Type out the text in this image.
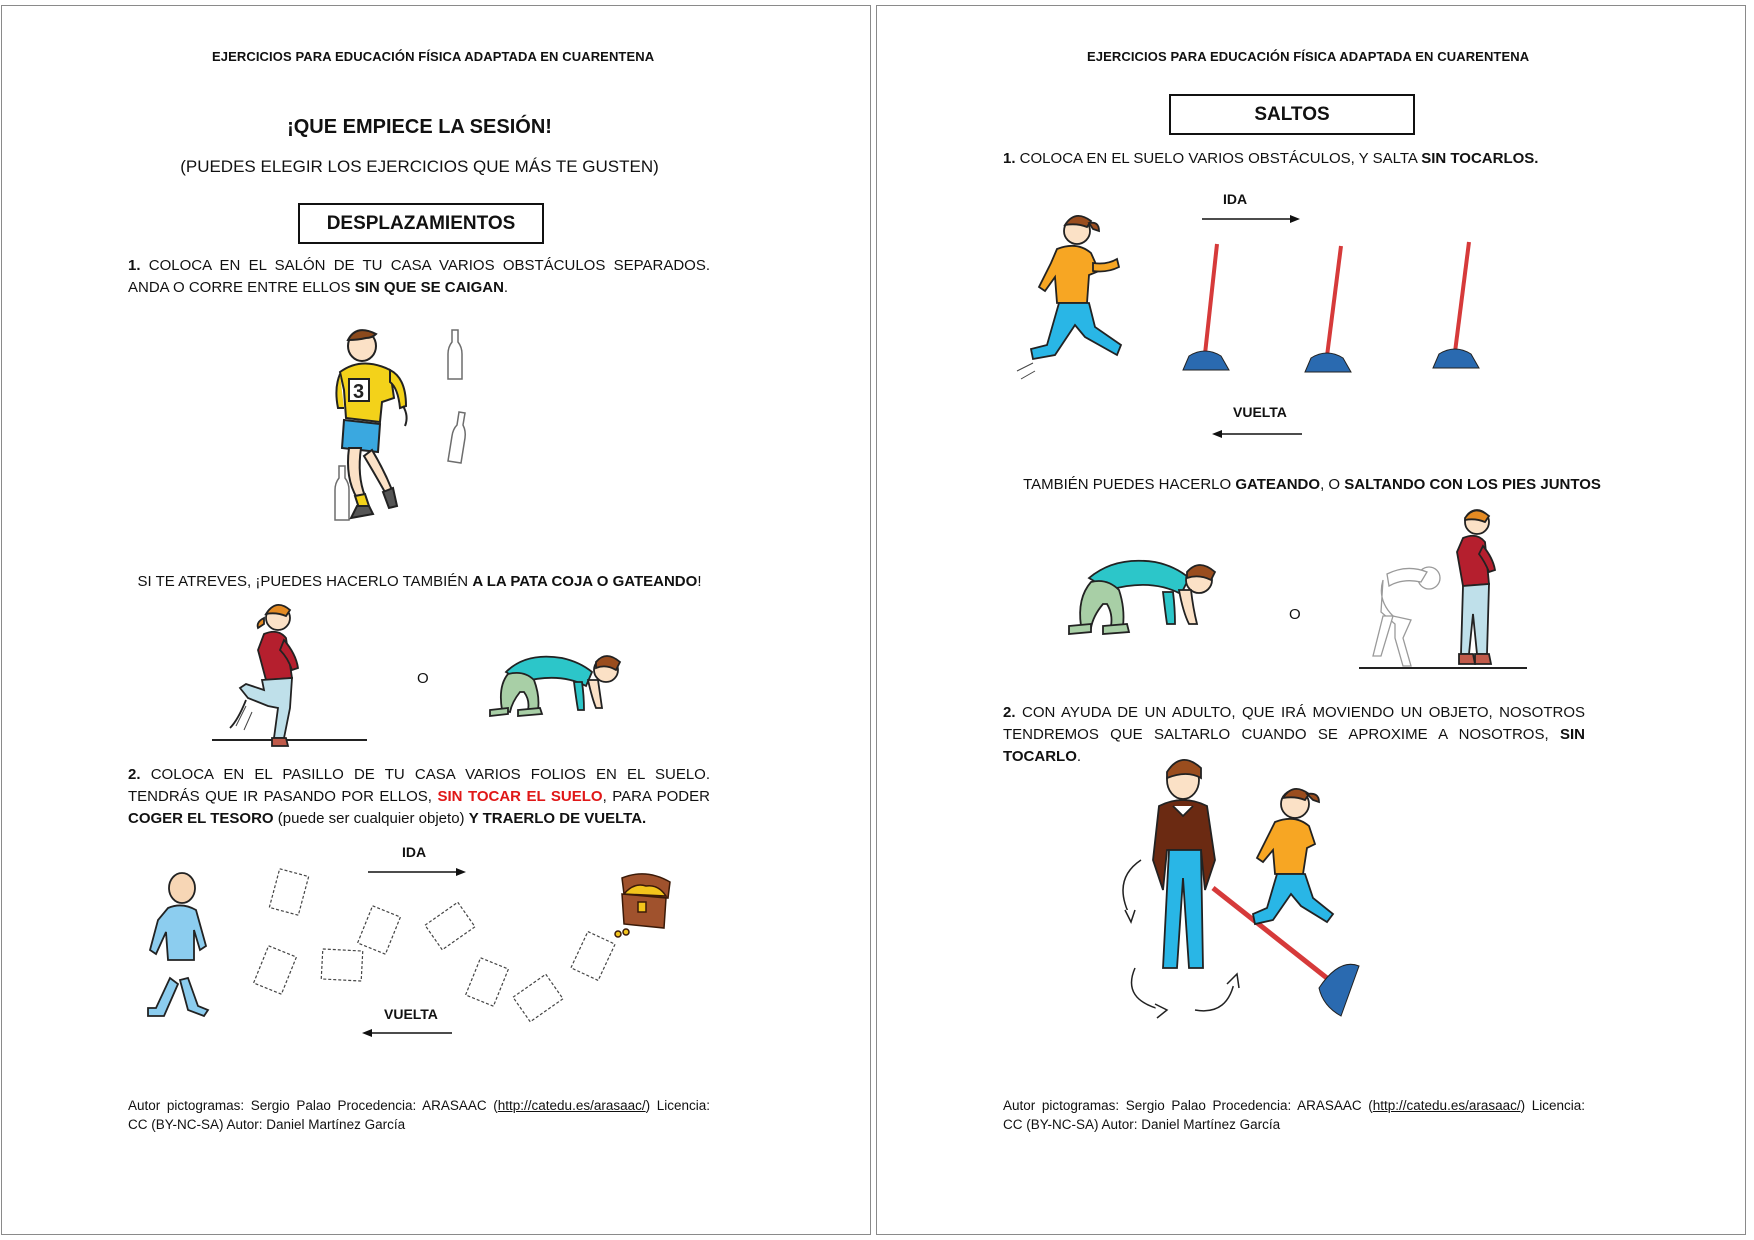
EJERCICIOS PARA EDUCACIÓN FÍSICA ADAPTADA EN CUARENTENA
¡QUE EMPIECE LA SESIÓN!
(PUEDES ELEGIR LOS EJERCICIOS QUE MÁS TE GUSTEN)
DESPLAZAMIENTOS
1. COLOCA EN EL SALÓN DE TU CASA VARIOS OBSTÁCULOS SEPARADOS. ANDA O CORRE ENTRE ELLOS SIN QUE SE CAIGAN.
3
SI TE ATREVES, ¡PUEDES HACERLO TAMBIÉN A LA PATA COJA O GATEANDO!
O
2. COLOCA EN EL PASILLO DE TU CASA VARIOS FOLIOS EN EL SUELO. TENDRÁS QUE IR PASANDO POR ELLOS, SIN TOCAR EL SUELO, PARA PODER COGER EL TESORO (puede ser cualquier objeto) Y TRAERLO DE VUELTA.
IDA
VUELTA
Autor pictogramas: Sergio Palao Procedencia: ARASAAC (http://catedu.es/arasaac/) Licencia: CC (BY-NC-SA) Autor: Daniel Martínez García
EJERCICIOS PARA EDUCACIÓN FÍSICA ADAPTADA EN CUARENTENA
SALTOS
1. COLOCA EN EL SUELO VARIOS OBSTÁCULOS, Y SALTA SIN TOCARLOS.
IDA
VUELTA
TAMBIÉN PUEDES HACERLO GATEANDO, O SALTANDO CON LOS PIES JUNTOS
O
2. CON AYUDA DE UN ADULTO, QUE IRÁ MOVIENDO UN OBJETO, NOSOTROS TENDREMOS QUE SALTARLO CUANDO SE APROXIME A NOSOTROS, SIN TOCARLO.
Autor pictogramas: Sergio Palao Procedencia: ARASAAC (http://catedu.es/arasaac/) Licencia: CC (BY-NC-SA) Autor: Daniel Martínez García
